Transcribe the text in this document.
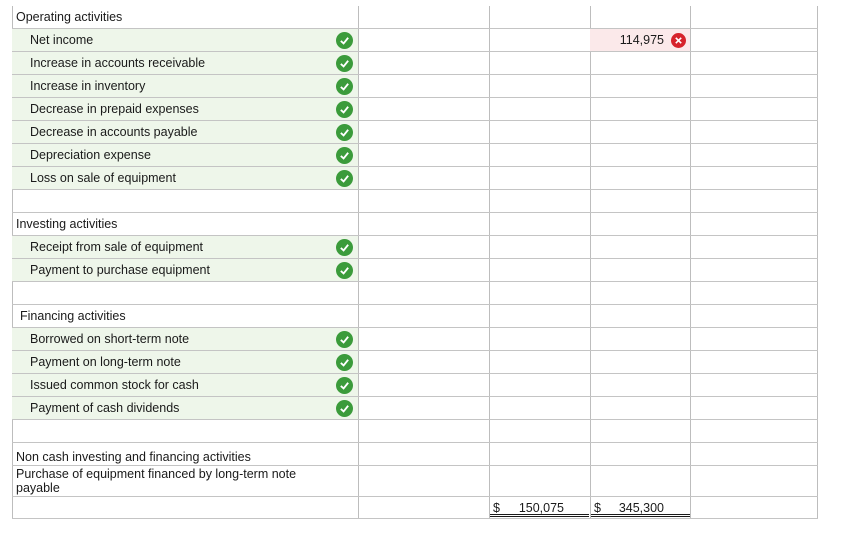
Operating activities
Net income	114,975
Increase in accounts receivable
Increase in inventory
Decrease in prepaid expenses
Decrease in accounts payable
Depreciation expense
Loss on sale of equipment
Investing activities
Receipt from sale of equipment
Payment to purchase equipment
Financing activities
Borrowed on short-term note
Payment on long-term note
Issued common stock for cash
Payment of cash dividends
Non cash investing and financing activities
Purchase of equipment financed by long-term note payable
$ 150,075 $ 345,300
